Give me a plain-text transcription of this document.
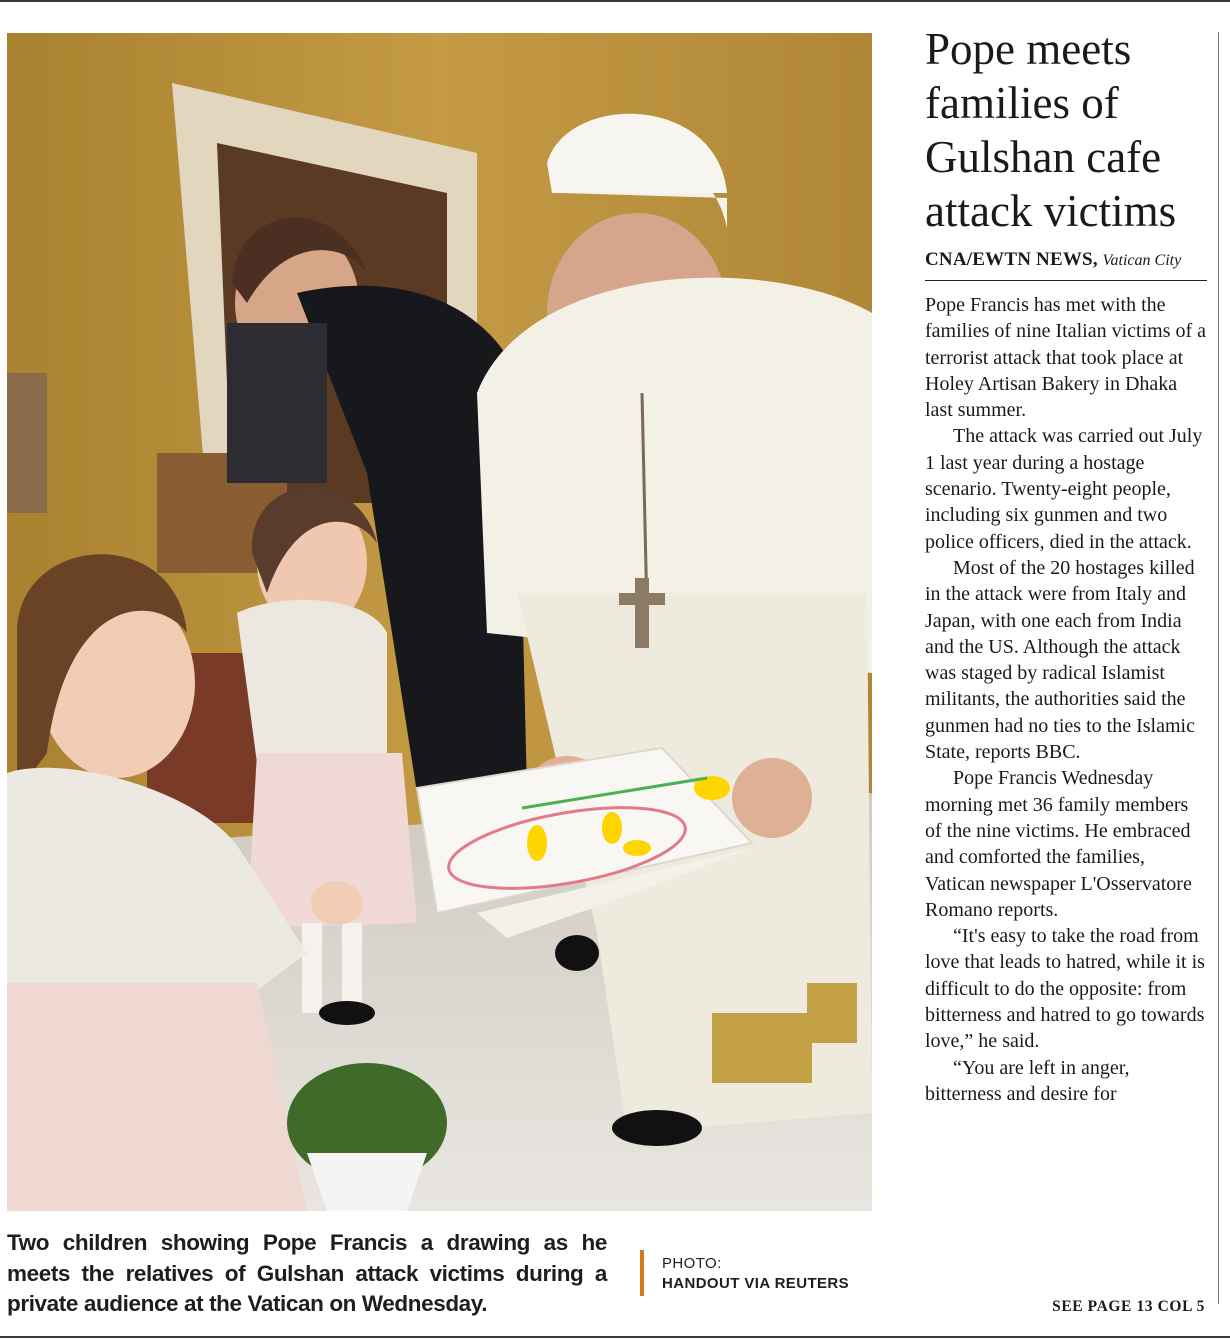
Two children showing Pope Francis a drawing as he meets the relatives of Gulshan attack victims during a private audience at the Vatican on Wednesday.
PHOTO:
HANDOUT VIA REUTERS
Pope meets families of Gulshan cafe attack victims
CNA/EWTN NEWS, Vatican City

Pope Francis has met with the families of nine Italian victims of a terrorist attack that took place at Holey Artisan Bakery in Dhaka last summer.

The attack was carried out July 1 last year during a hostage scenario. Twenty-eight people, including six gunmen and two police officers, died in the attack.

Most of the 20 hostages killed in the attack were from Italy and Japan, with one each from India and the US. Although the attack was staged by radical Islamist militants, the authorities said the gunmen had no ties to the Islamic State, reports BBC.

Pope Francis Wednesday morning met 36 family members of the nine victims. He embraced and comforted the families, Vatican newspaper L'Osservatore Romano reports.

“It's easy to take the road from love that leads to hatred, while it is difficult to do the opposite: from bitterness and hatred to go towards love,” he said.

“You are left in anger, bitterness and desire for

SEE PAGE 13 COL 5
